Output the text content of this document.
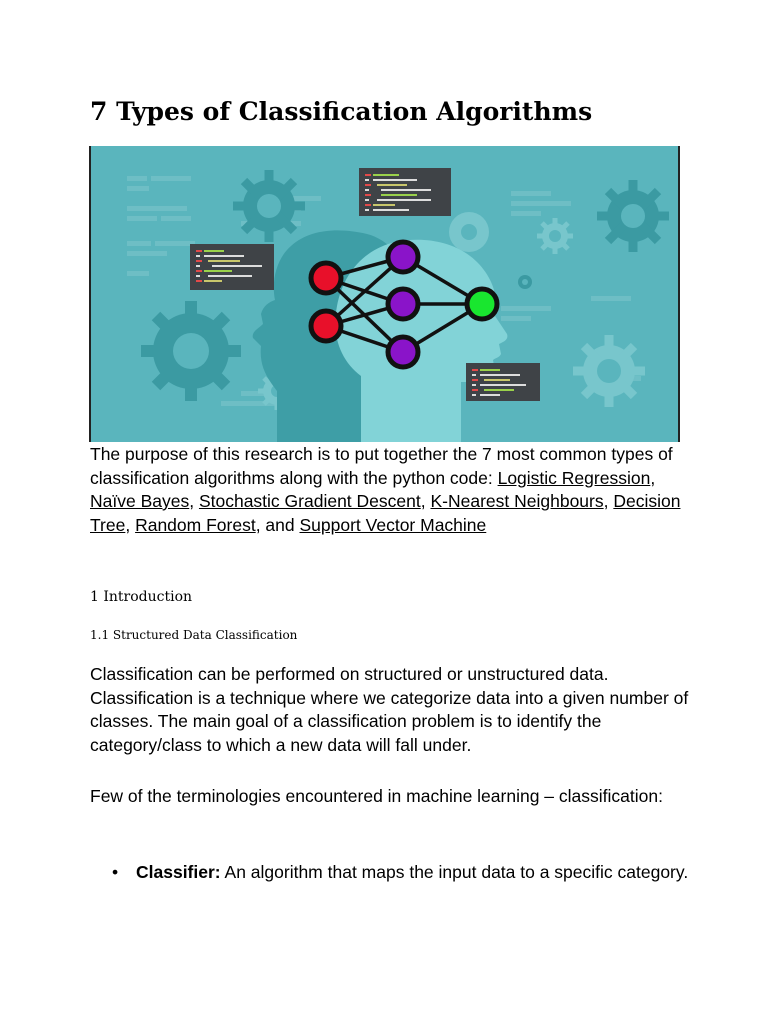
7 Types of Classification Algorithms

The purpose of this research is to put together the 7 most common types of classification algorithms along with the python code: Logistic Regression, Naïve Bayes, Stochastic Gradient Descent, K-Nearest Neighbours, Decision Tree, Random Forest, and Support Vector Machine

1 Introduction
1.1 Structured Data Classification

Classification can be performed on structured or unstructured data. Classification is a technique where we categorize data into a given number of classes. The main goal of a classification problem is to identify the category/class to which a new data will fall under.

Few of the terminologies encountered in machine learning – classification:

• Classifier: An algorithm that maps the input data to a specific category.
